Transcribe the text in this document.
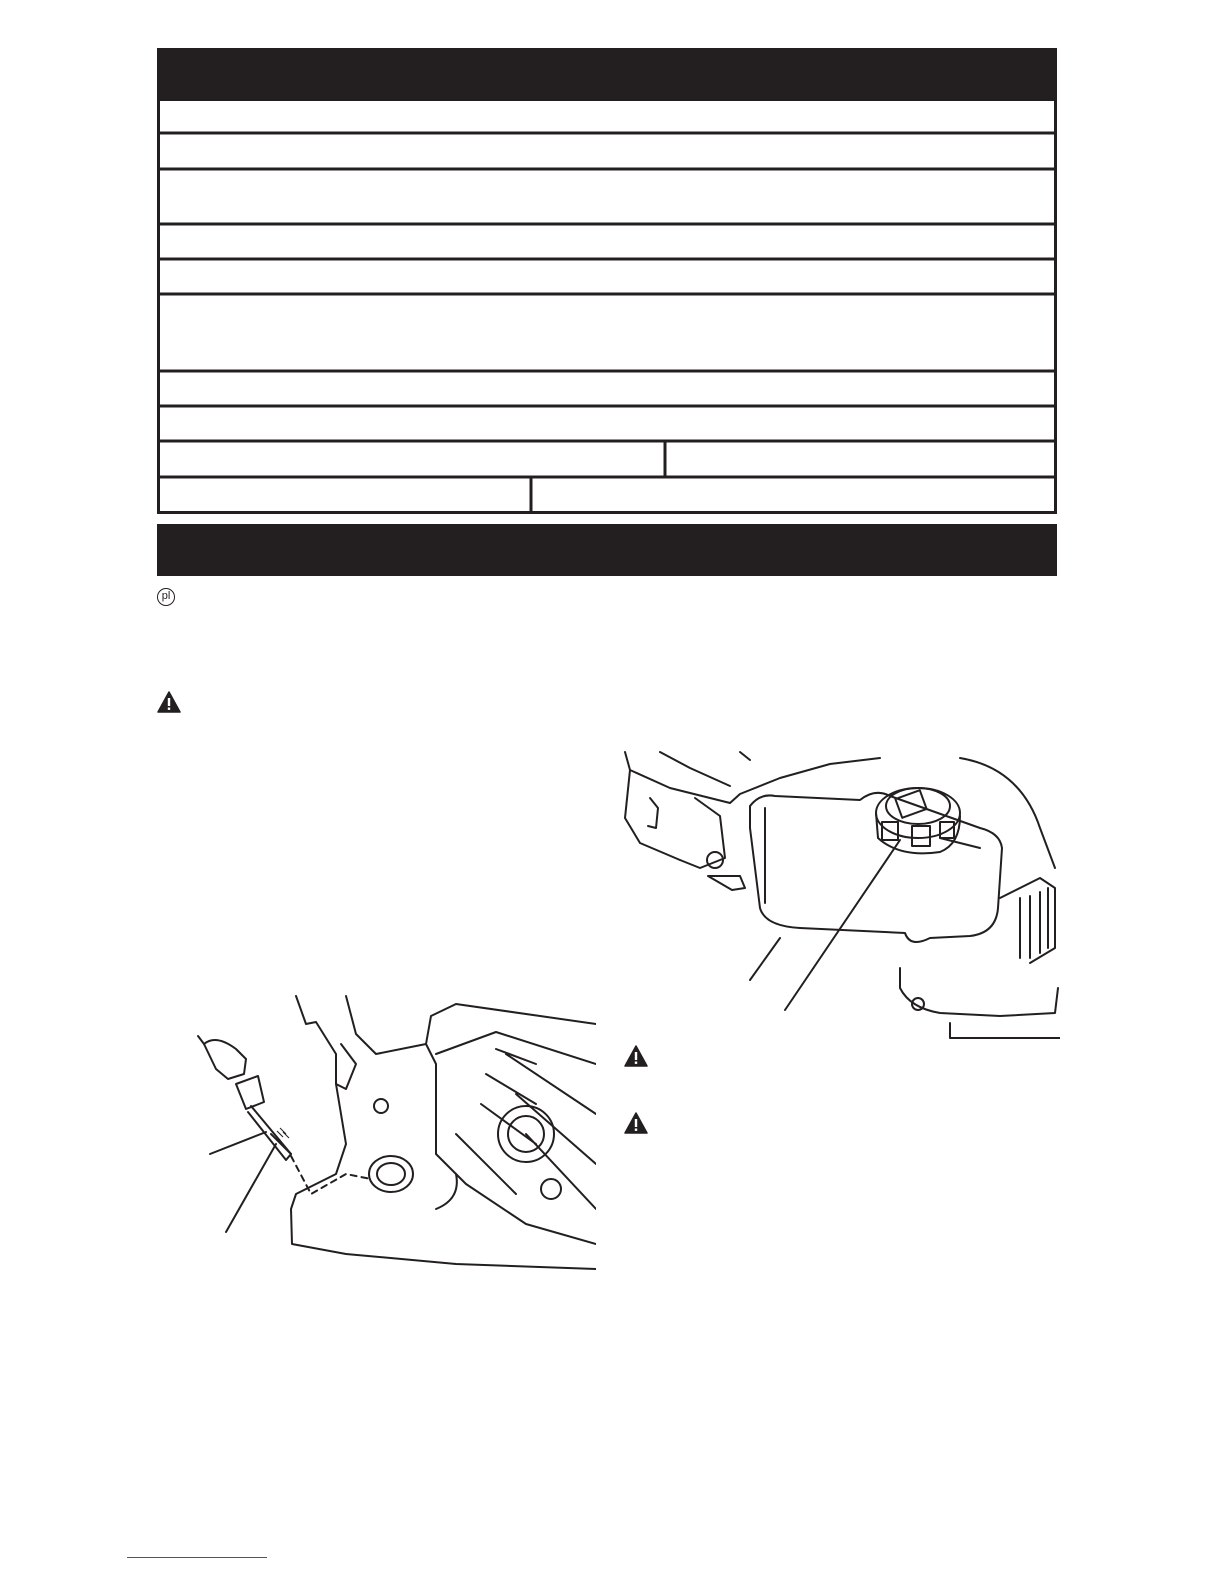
pl
